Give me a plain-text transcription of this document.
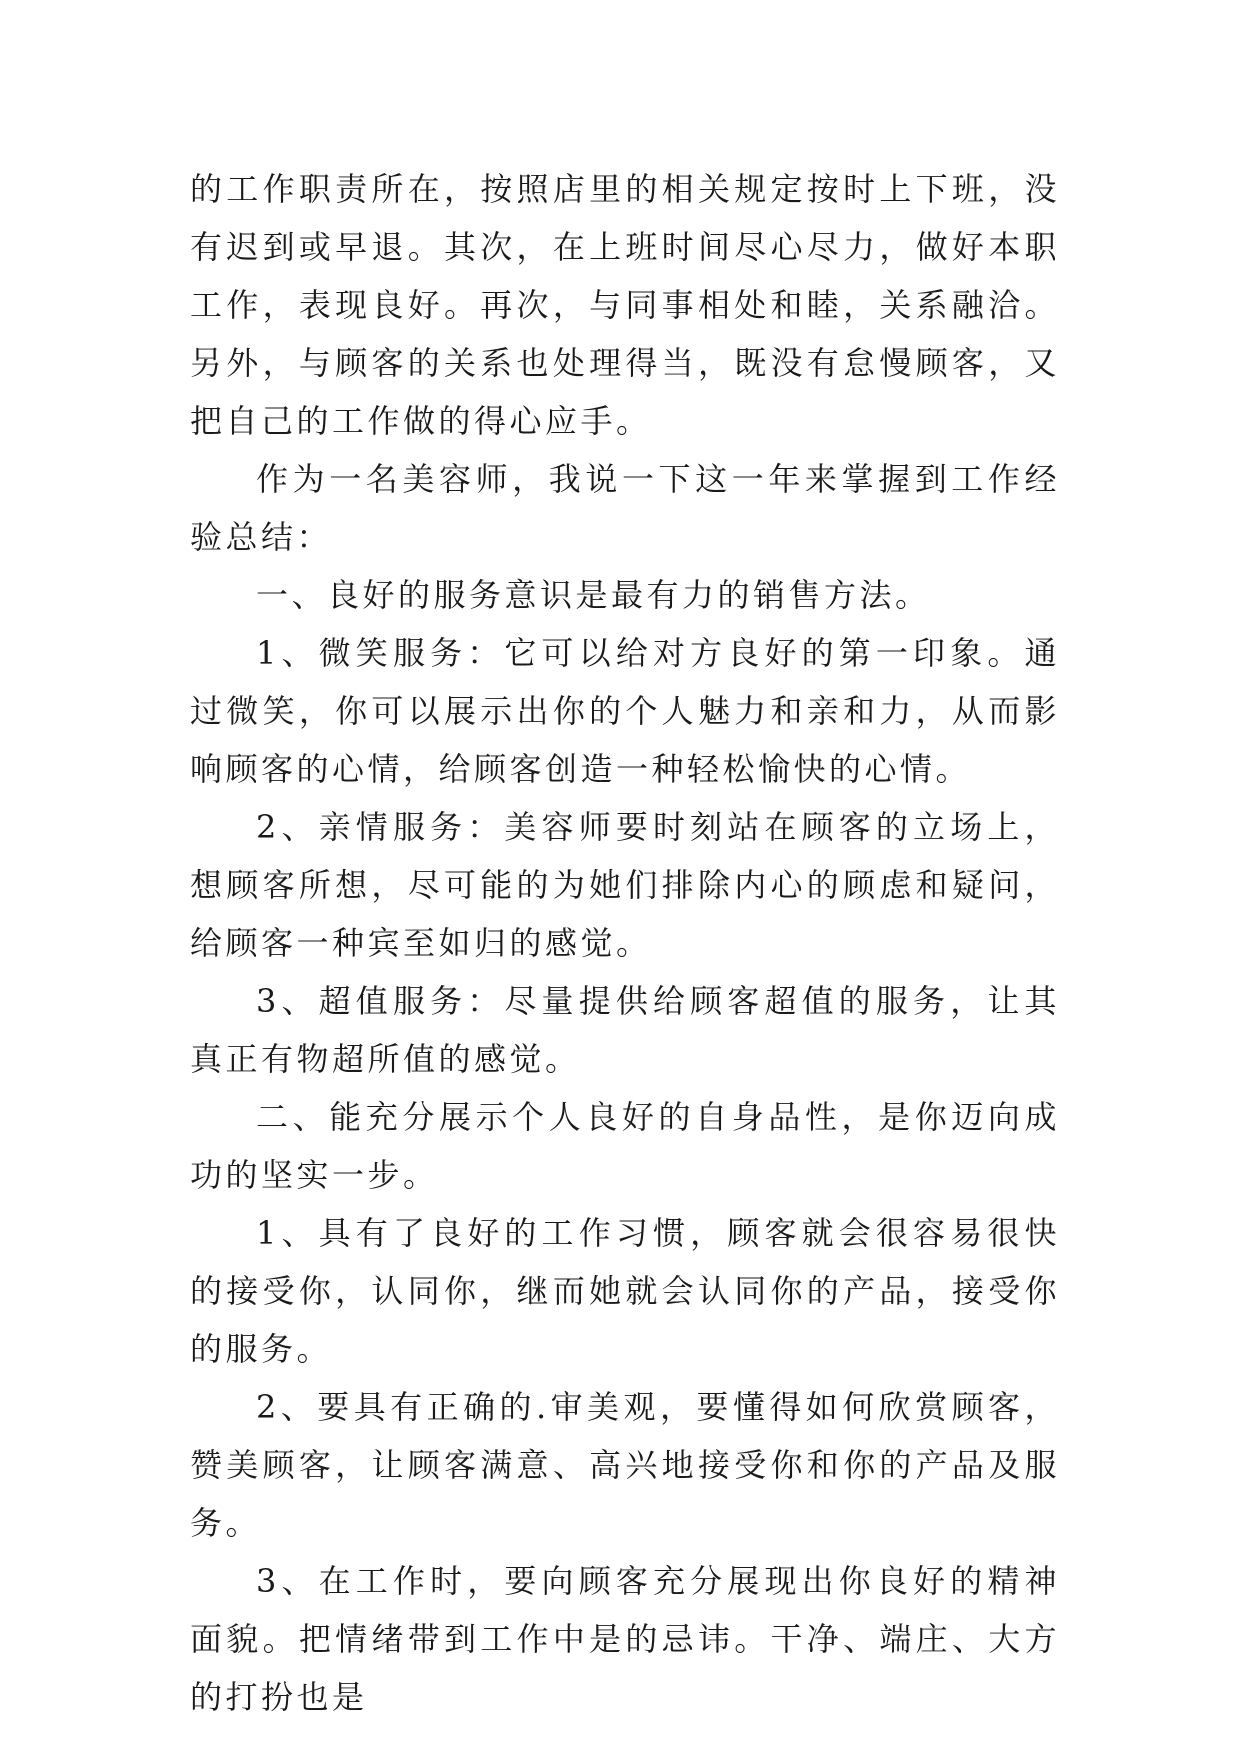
的工作职责所在，按照店里的相关规定按时上下班，没有迟到或早退。其次，在上班时间尽心尽力，做好本职工作，表现良好。再次，与同事相处和睦，关系融洽。另外，与顾客的关系也处理得当，既没有怠慢顾客，又把自己的工作做的得心应手。

作为一名美容师，我说一下这一年来掌握到工作经验总结：

一、良好的服务意识是最有力的销售方法。

1、微笑服务：它可以给对方良好的第一印象。通过微笑，你可以展示出你的个人魅力和亲和力，从而影响顾客的心情，给顾客创造一种轻松愉快的心情。

2、亲情服务：美容师要时刻站在顾客的立场上，想顾客所想，尽可能的为她们排除内心的顾虑和疑问，给顾客一种宾至如归的感觉。

3、超值服务：尽量提供给顾客超值的服务，让其真正有物超所值的感觉。

二、能充分展示个人良好的自身品性，是你迈向成功的坚实一步。

1、具有了良好的工作习惯，顾客就会很容易很快的接受你，认同你，继而她就会认同你的产品，接受你的服务。

2、要具有正确的.审美观，要懂得如何欣赏顾客，赞美顾客，让顾客满意、高兴地接受你和你的产品及服务。

3、在工作时，要向顾客充分展现出你良好的精神面貌。把情绪带到工作中是的忌讳。干净、端庄、大方的打扮也是
